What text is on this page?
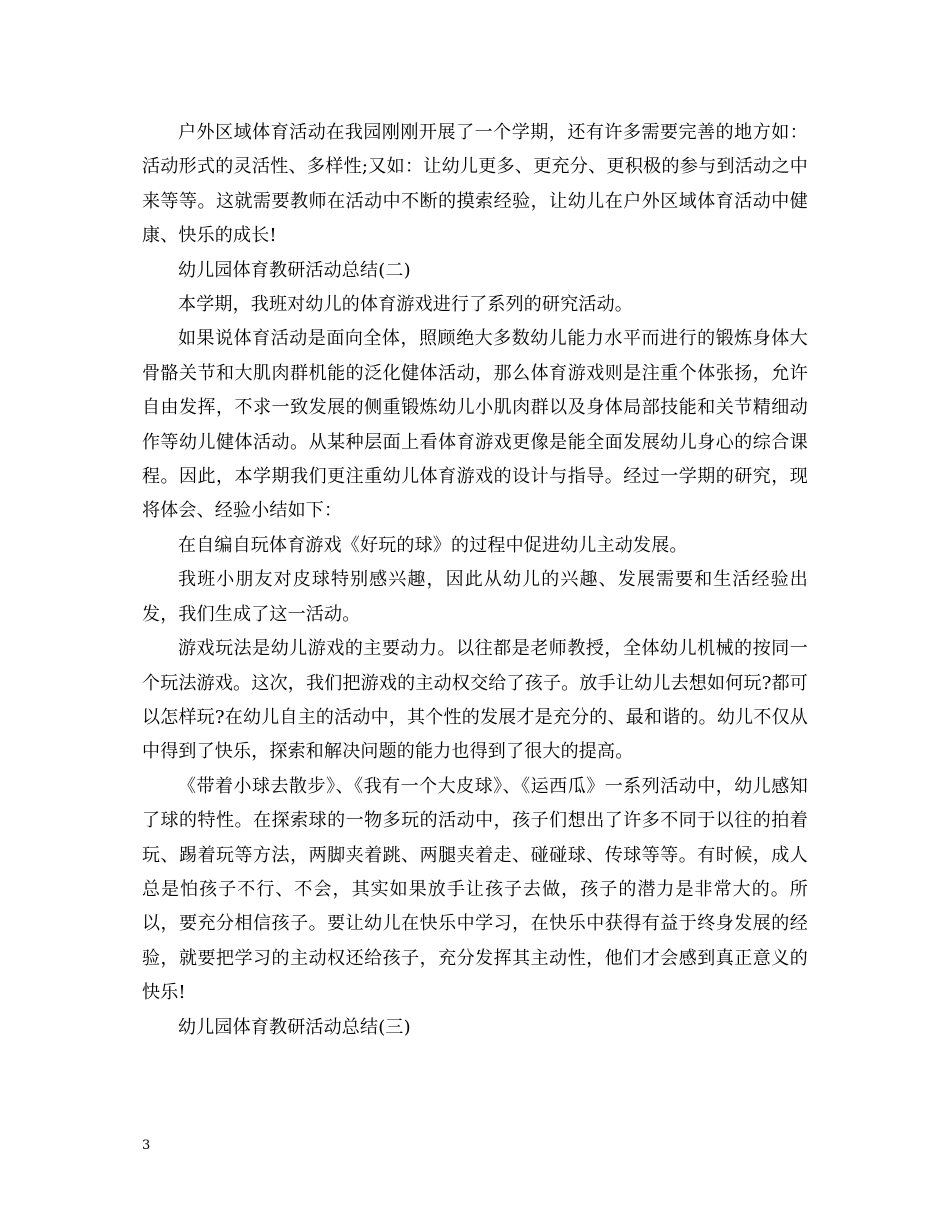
户外区域体育活动在我园刚刚开展了一个学期，还有许多需要完善的地方如：活动形式的灵活性、多样性;又如：让幼儿更多、更充分、更积极的参与到活动之中来等等。这就需要教师在活动中不断的摸索经验，让幼儿在户外区域体育活动中健康、快乐的成长!

幼儿园体育教研活动总结(二)

本学期，我班对幼儿的体育游戏进行了系列的研究活动。

如果说体育活动是面向全体，照顾绝大多数幼儿能力水平而进行的锻炼身体大骨骼关节和大肌肉群机能的泛化健体活动，那么体育游戏则是注重个体张扬，允许自由发挥，不求一致发展的侧重锻炼幼儿小肌肉群以及身体局部技能和关节精细动作等幼儿健体活动。从某种层面上看体育游戏更像是能全面发展幼儿身心的综合课程。因此，本学期我们更注重幼儿体育游戏的设计与指导。经过一学期的研究，现将体会、经验小结如下：

在自编自玩体育游戏《好玩的球》的过程中促进幼儿主动发展。

我班小朋友对皮球特别感兴趣，因此从幼儿的兴趣、发展需要和生活经验出发，我们生成了这一活动。

游戏玩法是幼儿游戏的主要动力。以往都是老师教授，全体幼儿机械的按同一个玩法游戏。这次，我们把游戏的主动权交给了孩子。放手让幼儿去想如何玩?都可以怎样玩?在幼儿自主的活动中，其个性的发展才是充分的、最和谐的。幼儿不仅从中得到了快乐，探索和解决问题的能力也得到了很大的提高。

《带着小球去散步》、《我有一个大皮球》、《运西瓜》一系列活动中，幼儿感知了球的特性。在探索球的一物多玩的活动中，孩子们想出了许多不同于以往的拍着玩、踢着玩等方法，两脚夹着跳、两腿夹着走、碰碰球、传球等等。有时候，成人总是怕孩子不行、不会，其实如果放手让孩子去做，孩子的潜力是非常大的。所以，要充分相信孩子。要让幼儿在快乐中学习，在快乐中获得有益于终身发展的经验，就要把学习的主动权还给孩子，充分发挥其主动性，他们才会感到真正意义的快乐!

幼儿园体育教研活动总结(三)

3
